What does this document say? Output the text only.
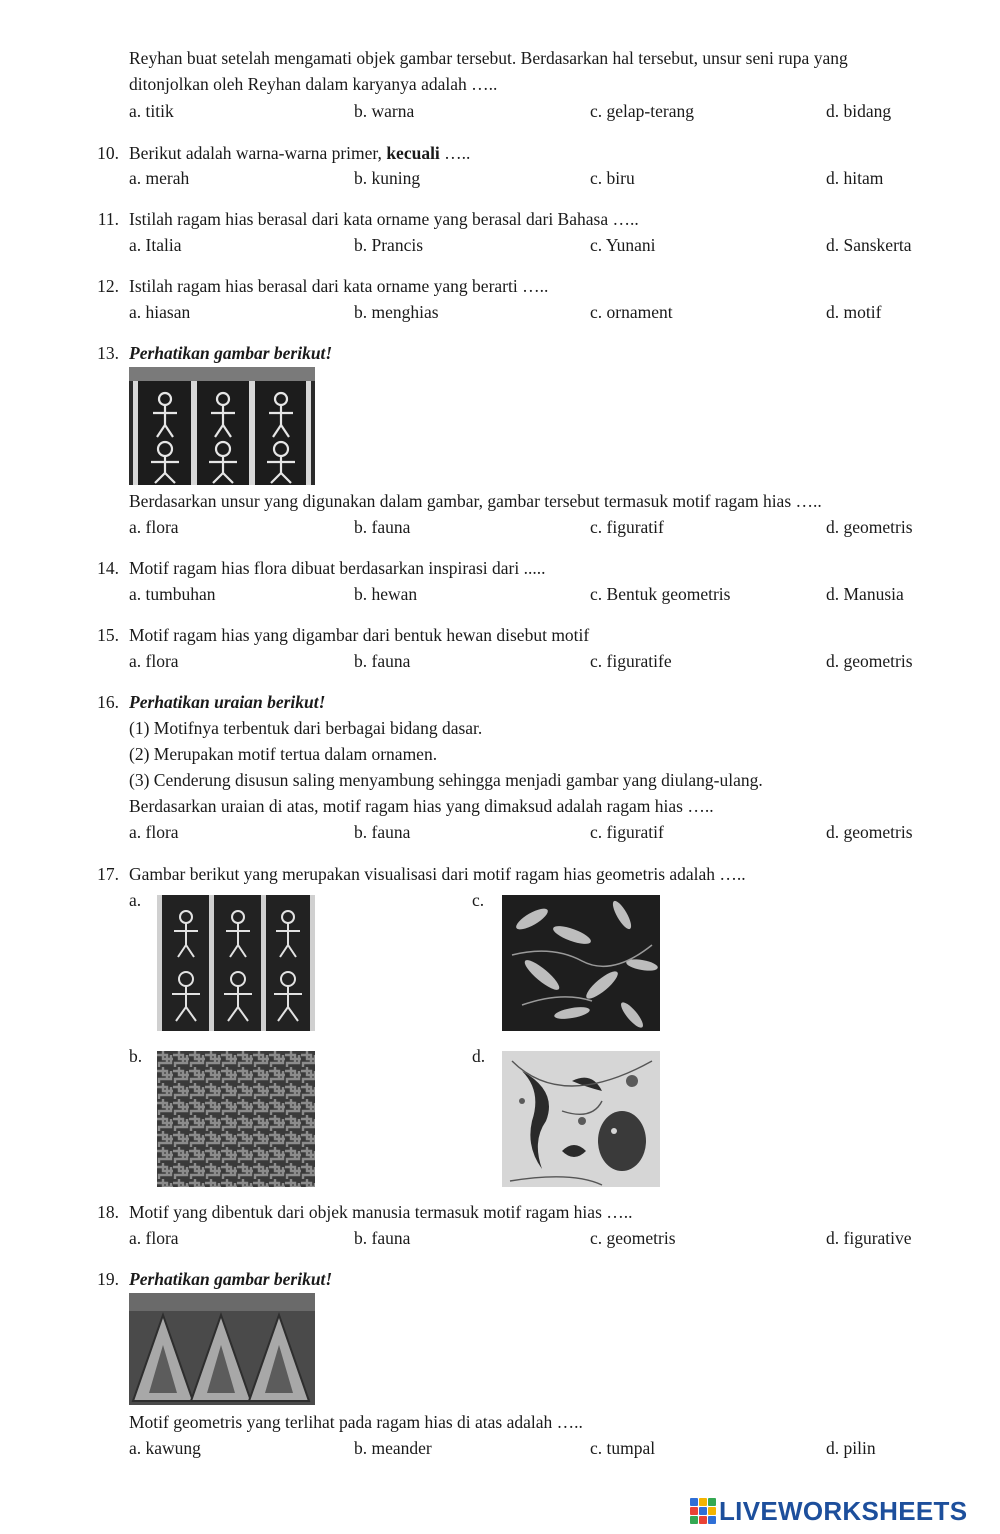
Reyhan buat setelah mengamati objek gambar tersebut. Berdasarkan hal tersebut, unsur seni rupa yang
ditonjolkan oleh Reyhan dalam karyanya adalah …..
a. titik	b. warna	c. gelap-terang	d. bidang
10. Berikut adalah warna-warna primer, kecuali …..
a. merah	b. kuning	c. biru	d. hitam
11. Istilah ragam hias berasal dari kata orname yang berasal dari Bahasa …..
a. Italia	b. Prancis	c. Yunani	d. Sanskerta
12. Istilah ragam hias berasal dari kata orname yang berarti …..
a. hiasan	b. menghias	c. ornament	d. motif
13. Perhatikan gambar berikut!
Berdasarkan unsur yang digunakan dalam gambar, gambar tersebut termasuk motif ragam hias …..
a. flora	b. fauna	c. figuratif	d. geometris
14. Motif ragam hias flora dibuat berdasarkan inspirasi dari .....
a. tumbuhan	b. hewan	c. Bentuk geometris	d. Manusia
15. Motif ragam hias yang digambar dari bentuk hewan disebut motif
a. flora	b. fauna	c. figuratife	d. geometris
16. Perhatikan uraian berikut!
(1) Motifnya terbentuk dari berbagai bidang dasar.
(2) Merupakan motif tertua dalam ornamen.
(3) Cenderung disusun saling menyambung sehingga menjadi gambar yang diulang-ulang.
Berdasarkan uraian di atas, motif ragam hias yang dimaksud adalah ragam hias …..
a. flora	b. fauna	c. figuratif	d. geometris
17. Gambar berikut yang merupakan visualisasi dari motif ragam hias geometris adalah …..
a.
b.
c.
d.
18. Motif yang dibentuk dari objek manusia termasuk motif ragam hias …..
a. flora	b. fauna	c. geometris	d. figurative
19. Perhatikan gambar berikut!
Motif geometris yang terlihat pada ragam hias di atas adalah …..
a. kawung	b. meander	c. tumpal	d. pilin
LIVEWORKSHEETS
